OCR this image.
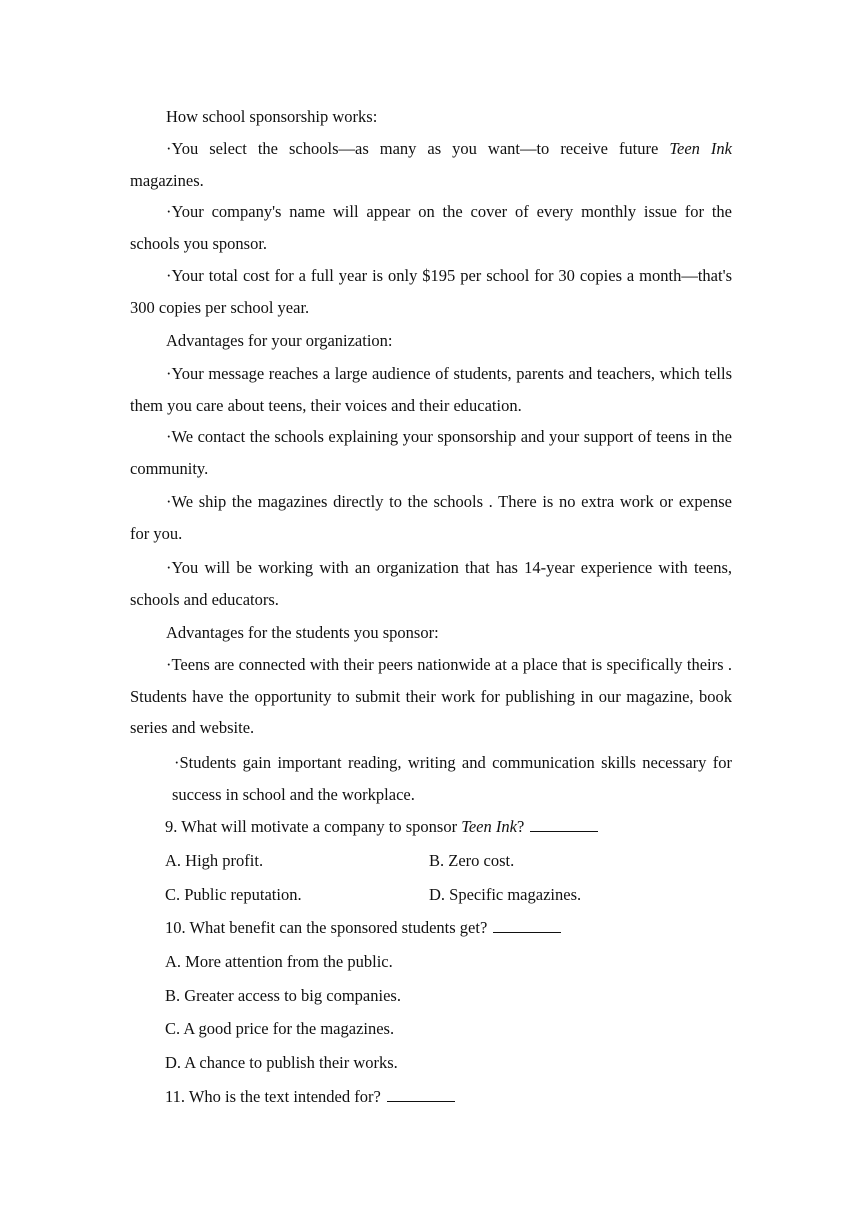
How school sponsorship works:

·You select the schools—as many as you want—to receive future Teen Ink magazines.

·Your company's name will appear on the cover of every monthly issue for the schools you sponsor.

·Your total cost for a full year is only $195 per school for 30 copies a month—that's 300 copies per school year.

Advantages for your organization:

·Your message reaches a large audience of students, parents and teachers, which tells them you care about teens, their voices and their education.

·We contact the schools explaining your sponsorship and your support of teens in the community.

·We ship the magazines directly to the schools . There is no extra work or expense for you.

·You will be working with an organization that has 14-year experience with teens, schools and educators.

Advantages for the students you sponsor:

·Teens are connected with their peers nationwide at a place that is specifically theirs . Students have the opportunity to submit their work for publishing in our magazine, book series and website.

·Students gain important reading, writing and communication skills necessary for success in school and the workplace.

9. What will motivate a company to sponsor Teen Ink?
A. High profit.	B. Zero cost.
C. Public reputation.	D. Specific magazines.
10. What benefit can the sponsored students get?
A. More attention from the public.
B. Greater access to big companies.
C. A good price for the magazines.
D. A chance to publish their works.
11. Who is the text intended for?
